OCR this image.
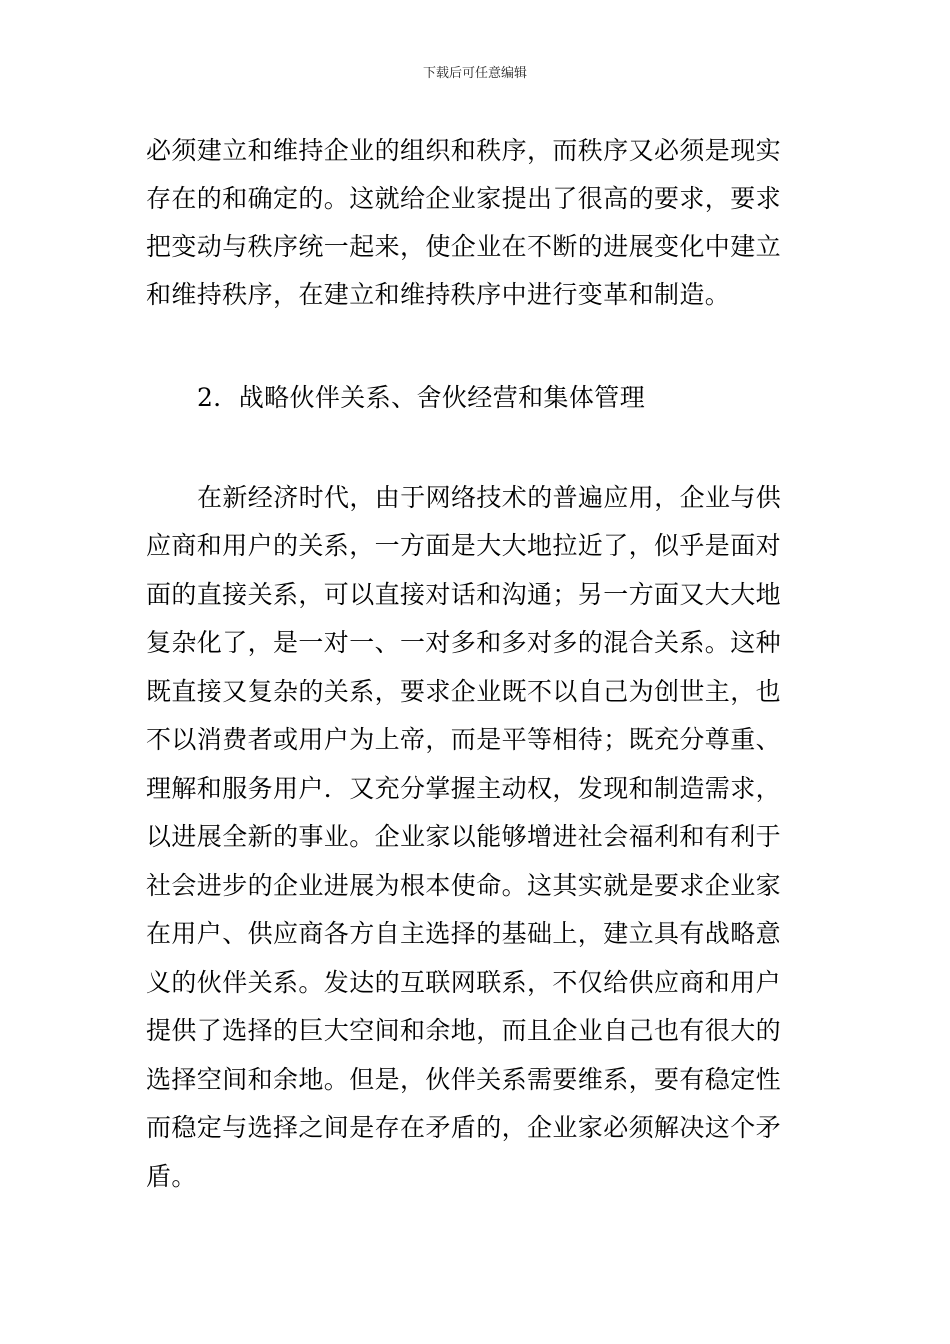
下载后可任意编辑
必须建立和维持企业的组织和秩序，而秩序又必须是现实
存在的和确定的。这就给企业家提出了很高的要求，要求
把变动与秩序统一起来，使企业在不断的进展变化中建立
和维持秩序，在建立和维持秩序中进行变革和制造。
2．战略伙伴关系、舍伙经营和集体管理
在新经济时代，由于网络技术的普遍应用，企业与供
应商和用户的关系，一方面是大大地拉近了，似乎是面对
面的直接关系，可以直接对话和沟通；另一方面又大大地
复杂化了，是一对一、一对多和多对多的混合关系。这种
既直接又复杂的关系，要求企业既不以自己为创世主，也
不以消费者或用户为上帝，而是平等相待；既充分尊重、
理解和服务用户．又充分掌握主动权，发现和制造需求，
以进展全新的事业。企业家以能够增进社会福利和有利于
社会进步的企业进展为根本使命。这其实就是要求企业家
在用户、供应商各方自主选择的基础上，建立具有战略意
义的伙伴关系。发达的互联网联系，不仅给供应商和用户
提供了选择的巨大空间和余地，而且企业自己也有很大的
选择空间和余地。但是，伙伴关系需要维系，要有稳定性
而稳定与选择之间是存在矛盾的，企业家必须解决这个矛
盾。
